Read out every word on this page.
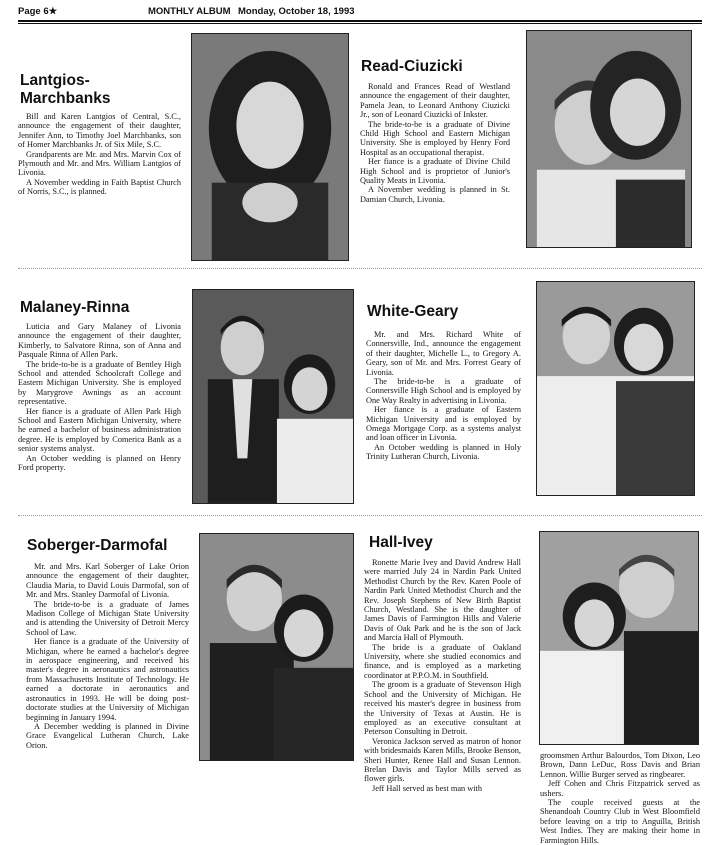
Page 6★	MONTHLY ALBUM Monday, October 18, 1993
Lantgios-
Marchbanks

Bill and Karen Lantgios of Central, S.C., announce the engagement of their daughter, Jennifer Ann, to Timothy Joel Marchbanks, son of Homer Marchbanks Jr. of Six Mile, S.C.

Grandparents are Mr. and Mrs. Marvin Cox of Plymouth and Mr. and Mrs. William Lantgios of Livonia.

A November wedding in Faith Baptist Church of Norris, S.C., is planned.

Read-Ciuzicki

Ronald and Frances Read of Westland announce the engagement of their daughter, Pamela Jean, to Leonard Anthony Ciuzicki Jr., son of Leonard Ciuzicki of Inkster.

The bride-to-be is a graduate of Divine Child High School and Eastern Michigan University. She is employed by Henry Ford Hospital as an occupational therapist.

Her fiance is a graduate of Divine Child High School and is proprietor of Junior's Quality Meats in Livonia.

A November wedding is planned in St. Damian Church, Livonia.

Malaney-Rinna

Luticia and Gary Malaney of Livonia announce the engagement of their daughter, Kimberly, to Salvatore Rinna, son of Anna and Pasquale Rinna of Allen Park.

The bride-to-be is a graduate of Bentley High School and attended Schoolcraft College and Eastern Michigan University. She is employed by Marygrove Awnings as an account representative.

Her fiance is a graduate of Allen Park High School and Eastern Michigan University, where he earned a bachelor of business administration degree. He is employed by Comerica Bank as a senior systems analyst.

An October wedding is planned on Henry Ford property.

White-Geary

Mr. and Mrs. Richard White of Connersville, Ind., announce the engagement of their daughter, Michelle L., to Gregory A. Geary, son of Mr. and Mrs. Forrest Geary of Livonia.

The bride-to-be is a graduate of Connersville High School and is employed by One Way Realty in advertising in Livonia.

Her fiance is a graduate of Eastern Michigan University and is employed by Omega Mortgage Corp. as a systems analyst and loan officer in Livonia.

An October wedding is planned in Holy Trinity Lutheran Church, Livonia.

Soberger-Darmofal

Mr. and Mrs. Karl Soberger of Lake Orion announce the engagement of their daughter, Claudia Maria, to David Louis Darmofal, son of Mr. and Mrs. Stanley Darmofal of Livonia.

The bride-to-be is a graduate of James Madison College of Michigan State University and is attending the University of Detroit Mercy School of Law.

Her fiance is a graduate of the University of Michigan, where he earned a bachelor's degree in aerospace engineering, and received his master's degree in aeronautics and astronautics from Massachusetts Institute of Technology. He earned a doctorate in aeronautics and astronautics in 1993. He will be doing post-doctorate studies at the University of Michigan beginning in January 1994.

A December wedding is planned in Divine Grace Evangelical Lutheran Church, Lake Orion.

Hall-Ivey

Ronette Marie Ivey and David Andrew Hall were married July 24 in Nardin Park United Methodist Church by the Rev. Karen Poole of Nardin Park United Methodist Church and the Rev. Joseph Stephens of New Birth Baptist Church, Westland. She is the daughter of James Davis of Farmington Hills and Valerie Davis of Oak Park and he is the son of Jack and Marcia Hall of Plymouth.

The bride is a graduate of Oakland University, where she studied economics and finance, and is employed as a marketing coordinator at P.P.O.M. in Southfield.

The groom is a graduate of Stevenson High School and the University of Michigan. He received his master's degree in business from the University of Texas at Austin. He is employed as an executive consultant at Peterson Consulting in Detroit.

Veronica Jackson served as matron of honor with bridesmaids Karen Mills, Brooke Benson, Sheri Hunter, Renee Hall and Susan Lennon. Brelan Davis and Taylor Mills served as flower girls.

Jeff Hall served as best man with

groomsmen Arthur Balourdos, Tom Dixon, Leo Brown, Dann LeDuc, Ross Davis and Brian Lennon. Willie Burger served as ringbearer.

Jeff Cohen and Chris Fitzpatrick served as ushers.

The couple received guests at the Shenandoah Country Club in West Bloomfield before leaving on a trip to Anguilla, British West Indies. They are making their home in Farmington Hills.
